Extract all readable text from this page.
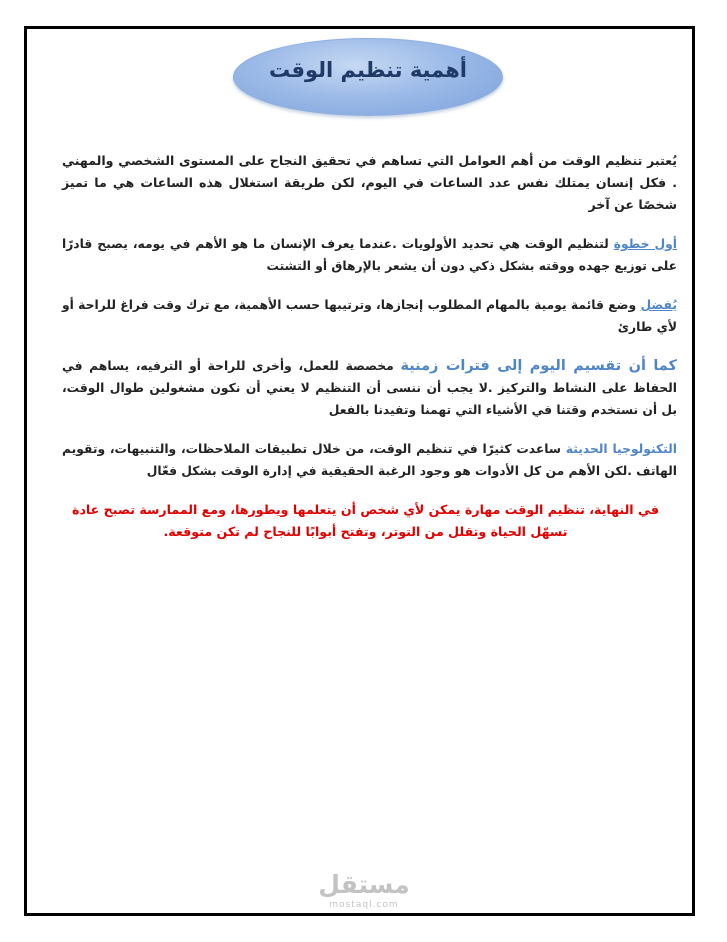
أهمية تنظيم الوقت

يُعتبر تنظيم الوقت من أهم العوامل التي تساهم في تحقيق النجاح على المستوى الشخصي والمهني . فكل إنسان يمتلك نفس عدد الساعات في اليوم، لكن طريقة استغلال هذه الساعات هي ما تميز شخصًا عن آخر

أول خطوة لتنظيم الوقت هي تحديد الأولويات .عندما يعرف الإنسان ما هو الأهم في يومه، يصبح قادرًا على توزيع جهده ووقته بشكل ذكي دون أن يشعر بالإرهاق أو التشتت

يُفضل وضع قائمة يومية بالمهام المطلوب إنجازها، وترتيبها حسب الأهمية، مع ترك وقت فراغ للراحة أو لأي طارئ

كما أن تقسيم اليوم إلى فترات زمنية مخصصة للعمل، وأخرى للراحة أو الترفيه، يساهم في الحفاظ على النشاط والتركيز .لا يجب أن ننسى أن التنظيم لا يعني أن نكون مشغولين طوال الوقت، بل أن نستخدم وقتنا في الأشياء التي تهمنا وتفيدنا بالفعل

التكنولوجيا الحديثة ساعدت كثيرًا في تنظيم الوقت، من خلال تطبيقات الملاحظات، والتنبيهات، وتقويم الهاتف .لكن الأهم من كل الأدوات هو وجود الرغبة الحقيقية في إدارة الوقت بشكل فعّال

في النهاية، تنظيم الوقت مهارة يمكن لأي شخص أن يتعلمها ويطورها، ومع الممارسة تصبح عادة تسهّل الحياة وتقلل من التوتر، وتفتح أبوابًا للنجاح لم تكن متوقعة.

مستقل
mostaql.com
